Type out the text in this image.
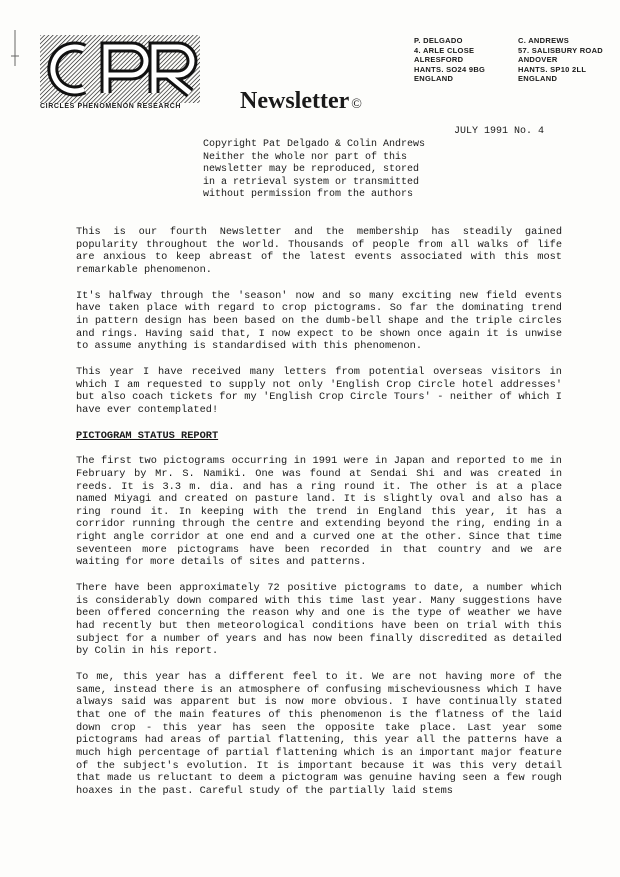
CIRCLES PHENOMENON RESEARCH Newsletter ©
P. DELGADO
4. ARLE CLOSE
ALRESFORD
HANTS. SO24 9BG
ENGLAND
C. ANDREWS
57. SALISBURY ROAD
ANDOVER
HANTS. SP10 2LL
ENGLAND
JULY 1991 No. 4
Copyright Pat Delgado & Colin Andrews
Neither the whole nor part of this
newsletter may be reproduced, stored
in a retrieval system or transmitted
without permission from the authors

This is our fourth Newsletter and the membership has steadily gained popularity throughout the world. Thousands of people from all walks of life are anxious to keep abreast of the latest events associated with this most remarkable phenomenon.

It's halfway through the 'season' now and so many exciting new field events have taken place with regard to crop pictograms. So far the dominating trend in pattern design has been based on the dumb-bell shape and the triple circles and rings. Having said that, I now expect to be shown once again it is unwise to assume anything is standardised with this phenomenon.

This year I have received many letters from potential overseas visitors in which I am requested to supply not only 'English Crop Circle hotel addresses' but also coach tickets for my 'English Crop Circle Tours' - neither of which I have ever contemplated!

PICTOGRAM STATUS REPORT

The first two pictograms occurring in 1991 were in Japan and reported to me in February by Mr. S. Namiki. One was found at Sendai Shi and was created in reeds. It is 3.3 m. dia. and has a ring round it. The other is at a place named Miyagi and created on pasture land. It is slightly oval and also has a ring round it. In keeping with the trend in England this year, it has a corridor running through the centre and extending beyond the ring, ending in a right angle corridor at one end and a curved one at the other. Since that time seventeen more pictograms have been recorded in that country and we are waiting for more details of sites and patterns.

There have been approximately 72 positive pictograms to date, a number which is considerably down compared with this time last year. Many suggestions have been offered concerning the reason why and one is the type of weather we have had recently but then meteorological conditions have been on trial with this subject for a number of years and has now been finally discredited as detailed by Colin in his report.

To me, this year has a different feel to it. We are not having more of the same, instead there is an atmosphere of confusing mischeviousness which I have always said was apparent but is now more obvious. I have continually stated that one of the main features of this phenomenon is the flatness of the laid down crop - this year has seen the opposite take place. Last year some pictograms had areas of partial flattening, this year all the patterns have a much high percentage of partial flattening which is an important major feature of the subject's evolution. It is important because it was this very detail that made us reluctant to deem a pictogram was genuine having seen a few rough hoaxes in the past. Careful study of the partially laid stems
